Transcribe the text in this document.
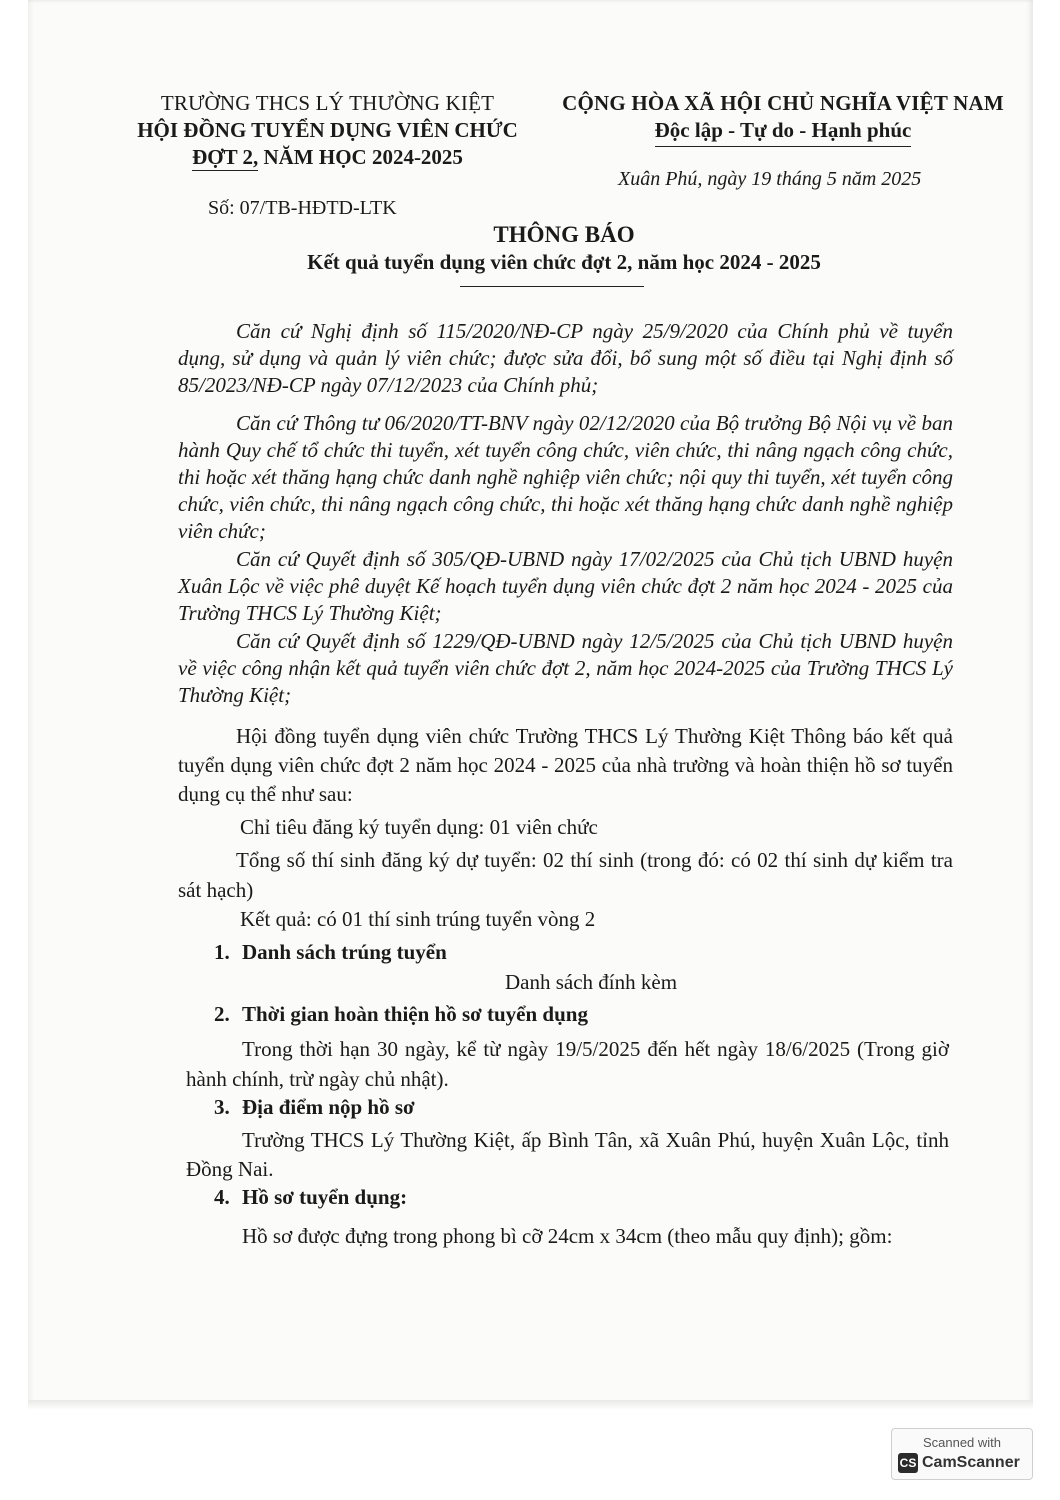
TRƯỜNG THCS LÝ THƯỜNG KIỆT
HỘI ĐỒNG TUYỂN DỤNG VIÊN CHỨC
ĐỢT 2, NĂM HỌC 2024-2025
CỘNG HÒA XÃ HỘI CHỦ NGHĨA VIỆT NAM
Độc lập - Tự do - Hạnh phúc
Xuân Phú, ngày 19 tháng 5 năm 2025
Số: 07/TB-HĐTD-LTK
THÔNG BÁO
Kết quả tuyển dụng viên chức đợt 2, năm học 2024 - 2025
Căn cứ Nghị định số 115/2020/NĐ-CP ngày 25/9/2020 của Chính phủ về tuyển dụng, sử dụng và quản lý viên chức; được sửa đổi, bổ sung một số điều tại Nghị định số 85/2023/NĐ-CP ngày 07/12/2023 của Chính phủ;
Căn cứ Thông tư 06/2020/TT-BNV ngày 02/12/2020 của Bộ trưởng Bộ Nội vụ về ban hành Quy chế tổ chức thi tuyển, xét tuyển công chức, viên chức, thi nâng ngạch công chức, thi hoặc xét thăng hạng chức danh nghề nghiệp viên chức; nội quy thi tuyển, xét tuyển công chức, viên chức, thi nâng ngạch công chức, thi hoặc xét thăng hạng chức danh nghề nghiệp viên chức;
Căn cứ Quyết định số 305/QĐ-UBND ngày 17/02/2025 của Chủ tịch UBND huyện Xuân Lộc về việc phê duyệt Kế hoạch tuyển dụng viên chức đợt 2 năm học 2024 - 2025 của Trường THCS Lý Thường Kiệt;
Căn cứ Quyết định số 1229/QĐ-UBND ngày 12/5/2025 của Chủ tịch UBND huyện về việc công nhận kết quả tuyển viên chức đợt 2, năm học 2024-2025 của Trường THCS Lý Thường Kiệt;
Hội đồng tuyển dụng viên chức Trường THCS Lý Thường Kiệt Thông báo kết quả tuyển dụng viên chức đợt 2 năm học 2024 - 2025 của nhà trường và hoàn thiện hồ sơ tuyển dụng cụ thể như sau:
Chỉ tiêu đăng ký tuyển dụng: 01 viên chức
Tổng số thí sinh đăng ký dự tuyển: 02 thí sinh (trong đó: có 02 thí sinh dự kiểm tra sát hạch)
Kết quả: có 01 thí sinh trúng tuyển vòng 2
1. Danh sách trúng tuyển
Danh sách đính kèm
2. Thời gian hoàn thiện hồ sơ tuyển dụng
Trong thời hạn 30 ngày, kể từ ngày 19/5/2025 đến hết ngày 18/6/2025 (Trong giờ hành chính, trừ ngày chủ nhật).
3. Địa điểm nộp hồ sơ
Trường THCS Lý Thường Kiệt, ấp Bình Tân, xã Xuân Phú, huyện Xuân Lộc, tỉnh Đồng Nai.
4. Hồ sơ tuyển dụng:
Hồ sơ được đựng trong phong bì cỡ 24cm x 34cm (theo mẫu quy định); gồm:
Scanned with
CS CamScanner
